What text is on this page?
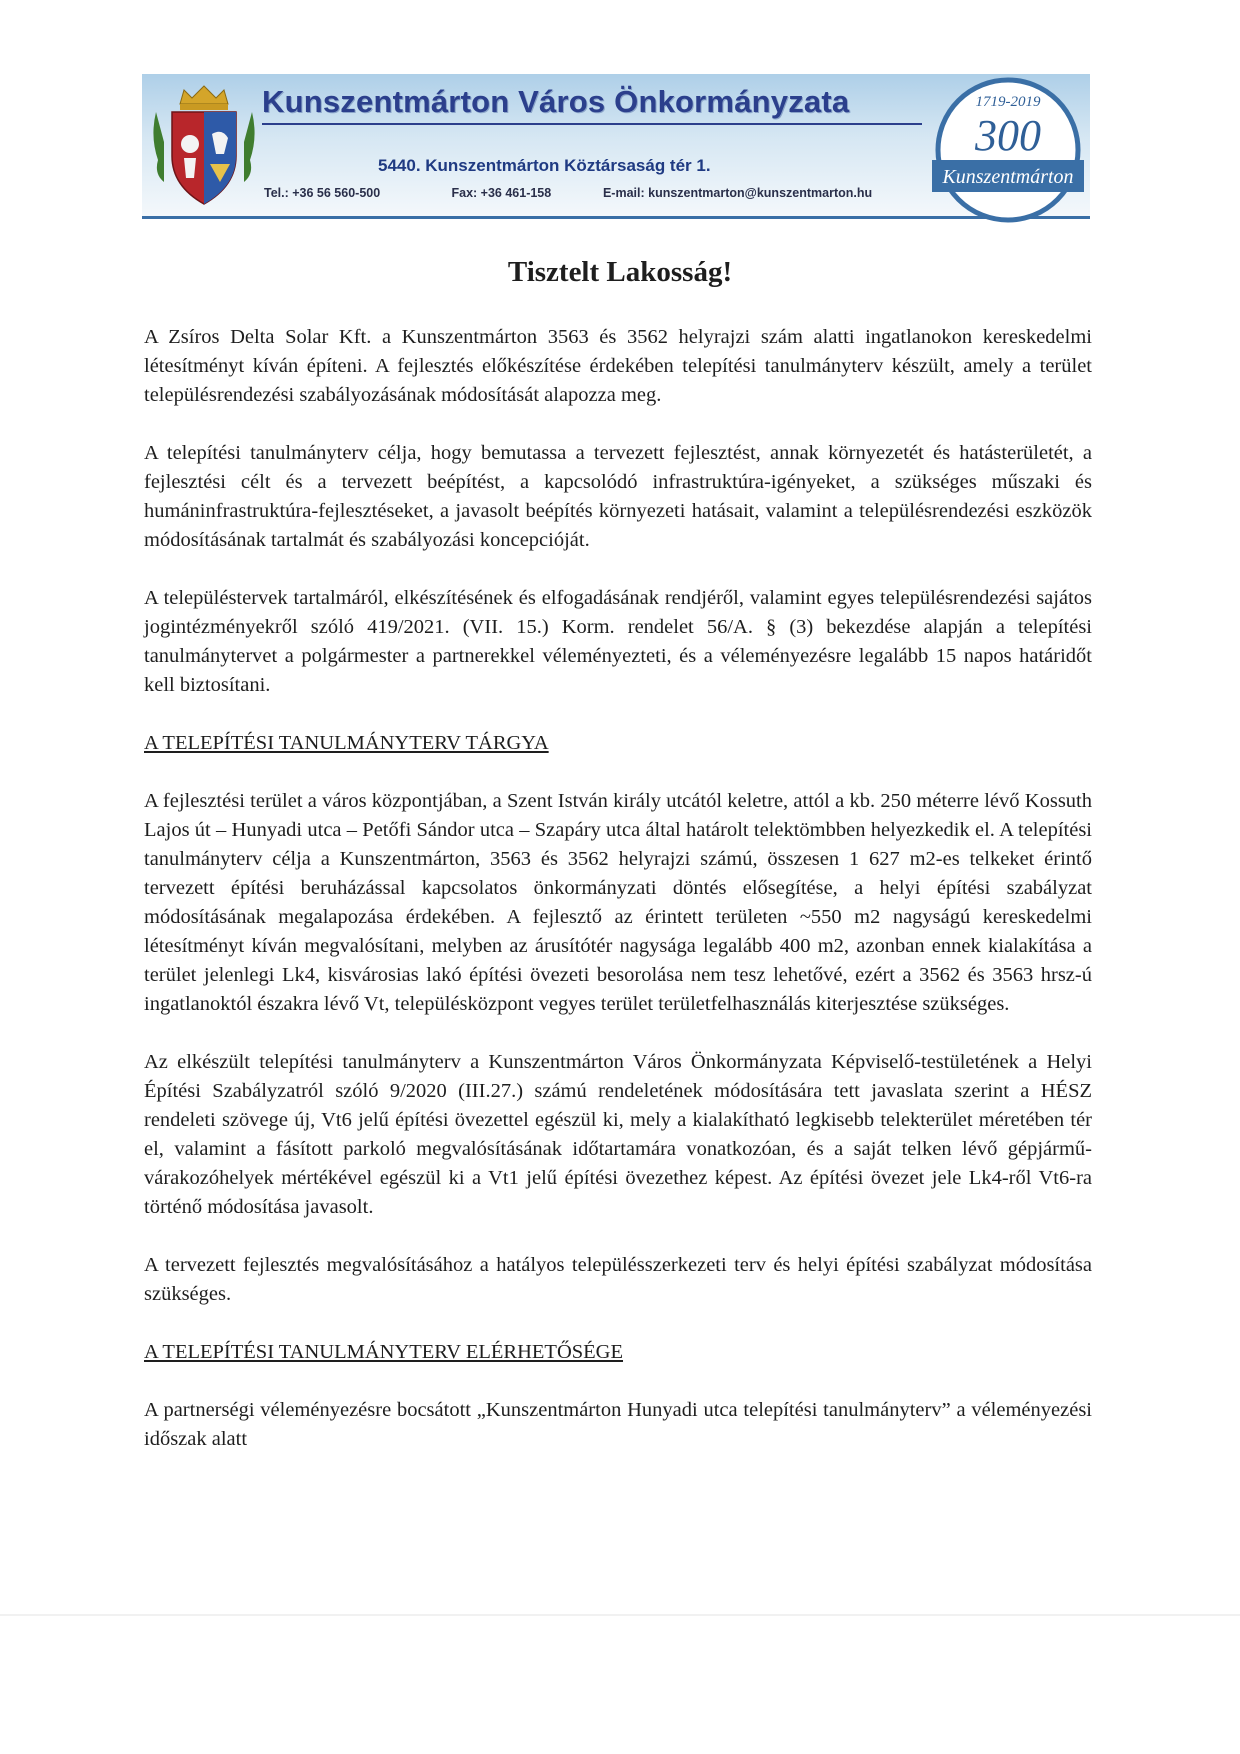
Kunszentmárton Város Önkormányzata
5440. Kunszentmárton Köztársaság tér 1.
Tel.: +36 56 560-500	Fax: +36 461-158	E-mail: kunszentmarton@kunszentmarton.hu
1719-2019
300
Kunszentmárton
Tisztelt Lakosság!

A Zsíros Delta Solar Kft. a Kunszentmárton 3563 és 3562 helyrajzi szám alatti ingatlanokon kereskedelmi létesítményt kíván építeni. A fejlesztés előkészítése érdekében telepítési tanulmányterv készült, amely a terület településrendezési szabályozásának módosítását alapozza meg.

A telepítési tanulmányterv célja, hogy bemutassa a tervezett fejlesztést, annak környezetét és hatásterületét, a fejlesztési célt és a tervezett beépítést, a kapcsolódó infrastruktúra-igényeket, a szükséges műszaki és humáninfrastruktúra-fejlesztéseket, a javasolt beépítés környezeti hatásait, valamint a településrendezési eszközök módosításának tartalmát és szabályozási koncepcióját.

A településtervek tartalmáról, elkészítésének és elfogadásának rendjéről, valamint egyes településrendezési sajátos jogintézményekről szóló 419/2021. (VII. 15.) Korm. rendelet 56/A. § (3) bekezdése alapján a telepítési tanulmánytervet a polgármester a partnerekkel véleményezteti, és a véleményezésre legalább 15 napos határidőt kell biztosítani.

A TELEPÍTÉSI TANULMÁNYTERV TÁRGYA

A fejlesztési terület a város központjában, a Szent István király utcától keletre, attól a kb. 250 méterre lévő Kossuth Lajos út – Hunyadi utca – Petőfi Sándor utca – Szapáry utca által határolt telektömbben helyezkedik el. A telepítési tanulmányterv célja a Kunszentmárton, 3563 és 3562 helyrajzi számú, összesen 1 627 m2-es telkeket érintő tervezett építési beruházással kapcsolatos önkormányzati döntés elősegítése, a helyi építési szabályzat módosításának megalapozása érdekében. A fejlesztő az érintett területen ~550 m2 nagyságú kereskedelmi létesítményt kíván megvalósítani, melyben az árusítótér nagysága legalább 400 m2, azonban ennek kialakítása a terület jelenlegi Lk4, kisvárosias lakó építési övezeti besorolása nem tesz lehetővé, ezért a 3562 és 3563 hrsz-ú ingatlanoktól északra lévő Vt, településközpont vegyes terület területfelhasználás kiterjesztése szükséges.

Az elkészült telepítési tanulmányterv a Kunszentmárton Város Önkormányzata Képviselő-testületének a Helyi Építési Szabályzatról szóló 9/2020 (III.27.) számú rendeletének módosítására tett javaslata szerint a HÉSZ rendeleti szövege új, Vt6 jelű építési övezettel egészül ki, mely a kialakítható legkisebb telekterület méretében tér el, valamint a fásított parkoló megvalósításának időtartamára vonatkozóan, és a saját telken lévő gépjármű-várakozóhelyek mértékével egészül ki a Vt1 jelű építési övezethez képest. Az építési övezet jele Lk4-ről Vt6-ra történő módosítása javasolt.

A tervezett fejlesztés megvalósításához a hatályos településszerkezeti terv és helyi építési szabályzat módosítása szükséges.

A TELEPÍTÉSI TANULMÁNYTERV ELÉRHETŐSÉGE

A partnerségi véleményezésre bocsátott „Kunszentmárton Hunyadi utca telepítési tanulmányterv” a véleményezési időszak alatt
